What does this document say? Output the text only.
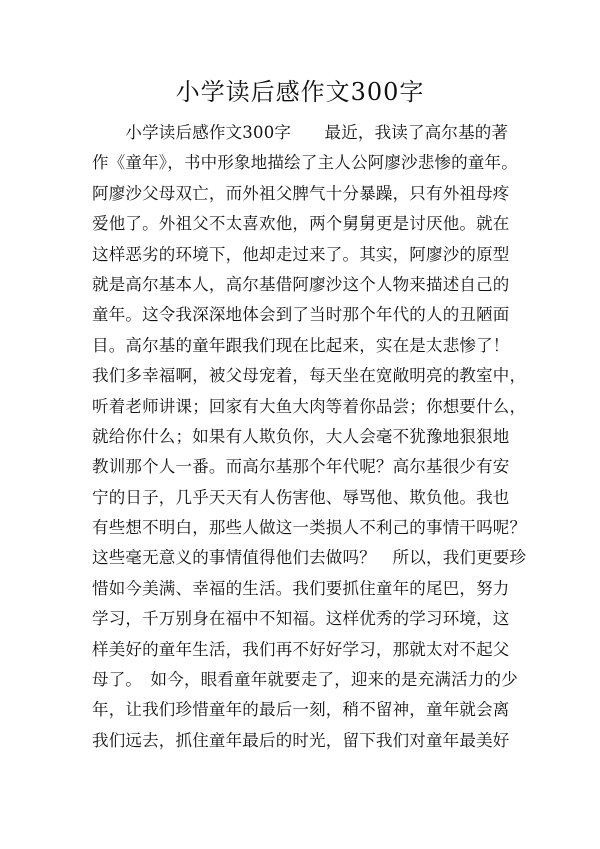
小学读后感作文300字
　　小学读后感作文300字　　最近，我读了高尔基的著
作《童年》，书中形象地描绘了主人公阿廖沙悲惨的童年。
阿廖沙父母双亡，而外祖父脾气十分暴躁，只有外祖母疼
爱他了。外祖父不太喜欢他，两个舅舅更是讨厌他。就在
这样恶劣的环境下，他却走过来了。其实，阿廖沙的原型
就是高尔基本人，高尔基借阿廖沙这个人物来描述自己的
童年。这令我深深地体会到了当时那个年代的人的丑陋面
目。高尔基的童年跟我们现在比起来，实在是太悲惨了！
我们多幸福啊，被父母宠着，每天坐在宽敞明亮的教室中，
听着老师讲课；回家有大鱼大肉等着你品尝；你想要什么，
就给你什么；如果有人欺负你，大人会毫不犹豫地狠狠地
教训那个人一番。而高尔基那个年代呢？高尔基很少有安
宁的日子，几乎天天有人伤害他、辱骂他、欺负他。我也
有些想不明白，那些人做这一类损人不利己的事情干吗呢？
这些毫无意义的事情值得他们去做吗？　所以，我们更要珍
惜如今美满、幸福的生活。我们要抓住童年的尾巴，努力
学习，千万别身在福中不知福。这样优秀的学习环境，这
样美好的童年生活，我们再不好好学习，那就太对不起父
母了。　如今，眼看童年就要走了，迎来的是充满活力的少
年，让我们珍惜童年的最后一刻，稍不留神，童年就会离
我们远去，抓住童年最后的时光，留下我们对童年最美好
